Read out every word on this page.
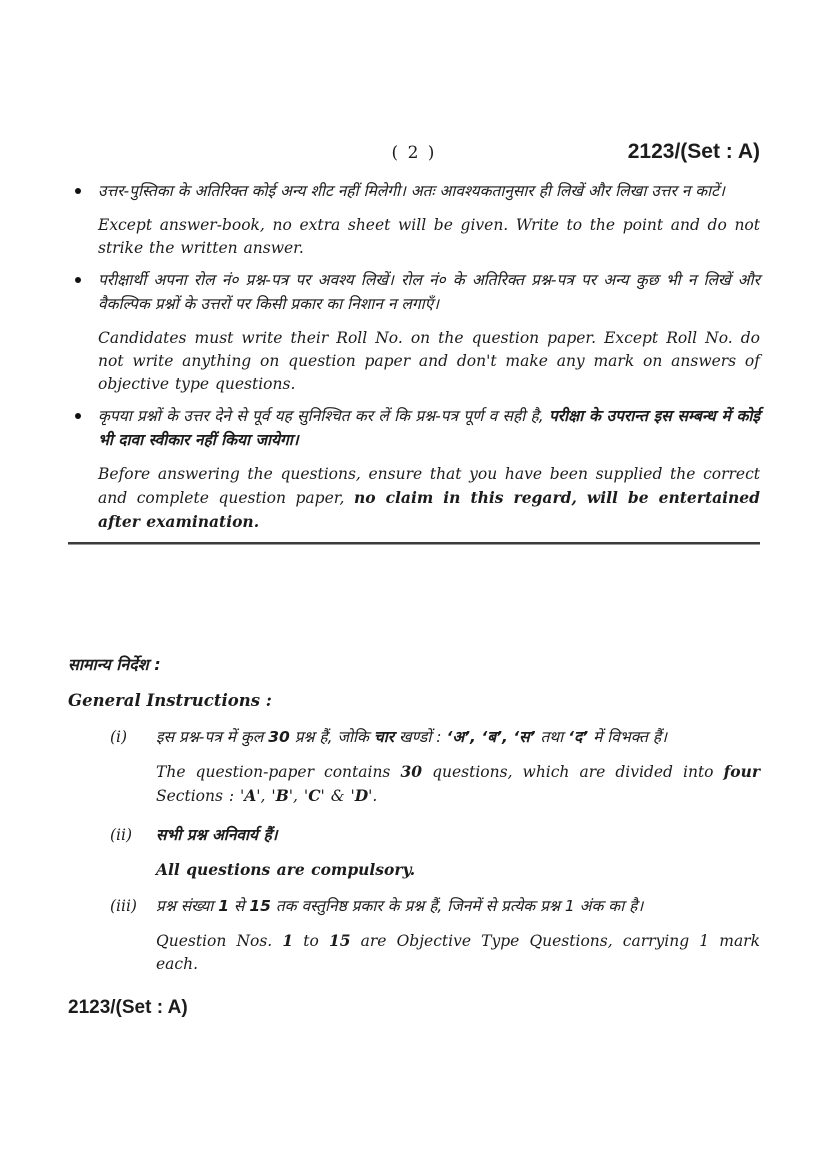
( 2 )	2123/(Set : A)

उत्तर-पुस्तिका के अतिरिक्त कोई अन्य शीट नहीं मिलेगी। अतः आवश्यकतानुसार ही लिखें और लिखा उत्तर न काटें।

Except answer-book, no extra sheet will be given. Write to the point and do not strike the written answer.

परीक्षार्थी अपना रोल नं० प्रश्न-पत्र पर अवश्य लिखें। रोल नं० के अतिरिक्त प्रश्न-पत्र पर अन्य कुछ भी न लिखें और वैकल्पिक प्रश्नों के उत्तरों पर किसी प्रकार का निशान न लगाएँ।

Candidates must write their Roll No. on the question paper. Except Roll No. do not write anything on question paper and don't make any mark on answers of objective type questions.

कृपया प्रश्नों के उत्तर देने से पूर्व यह सुनिश्चित कर लें कि प्रश्न-पत्र पूर्ण व सही है, परीक्षा के उपरान्त इस सम्बन्ध में कोई भी दावा स्वीकार नहीं किया जायेगा।

Before answering the questions, ensure that you have been supplied the correct and complete question paper, no claim in this regard, will be entertained after examination.

सामान्य निर्देश :

General Instructions :

(i)	इस प्रश्न-पत्र में कुल 30 प्रश्न हैं, जोकि चार खण्डों : ‘अ’, ‘ब’, ‘स’ तथा ‘द’ में विभक्त हैं।

The question-paper contains 30 questions, which are divided into four Sections : 'A', 'B', 'C' & 'D'.

(ii)	सभी प्रश्न अनिवार्य हैं।

All questions are compulsory.

(iii)	प्रश्न संख्या 1 से 15 तक वस्तुनिष्ठ प्रकार के प्रश्न हैं, जिनमें से प्रत्येक प्रश्न 1 अंक का है।

Question Nos. 1 to 15 are Objective Type Questions, carrying 1 mark each.

2123/(Set : A)
